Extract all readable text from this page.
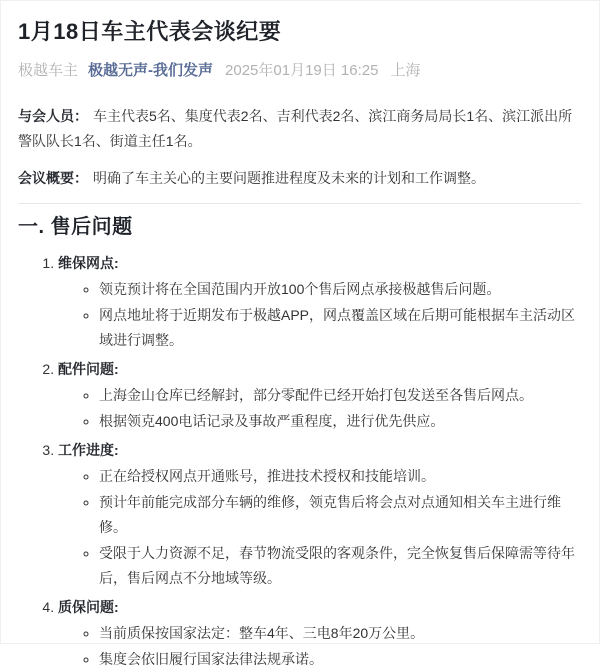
1月18日车主代表会谈纪要
极越车主 极越无声-我们发声 2025年01月19日 16:25 上海

与会人员： 车主代表5名、集度代表2名、吉利代表2名、滨江商务局局长1名、滨江派出所警队队长1名、街道主任1名。

会议概要： 明确了车主关心的主要问题推进程度及未来的计划和工作调整。

一. 售后问题
1. 维保网点:
◦ 领克预计将在全国范围内开放100个售后网点承接极越售后问题。
◦ 网点地址将于近期发布于极越APP，网点覆盖区域在后期可能根据车主活动区域进行调整。
2. 配件问题:
◦ 上海金山仓库已经解封，部分零配件已经开始打包发送至各售后网点。
◦ 根据领克400电话记录及事故严重程度，进行优先供应。
3. 工作进度:
◦ 正在给授权网点开通账号，推进技术授权和技能培训。
◦ 预计年前能完成部分车辆的维修，领克售后将会点对点通知相关车主进行维修。
◦ 受限于人力资源不足，春节物流受限的客观条件，完全恢复售后保障需等待年后，售后网点不分地域等级。
4. 质保问题:
◦ 当前质保按国家法定：整车4年、三电8年20万公里。
◦ 集度会依旧履行国家法律法规承诺。
